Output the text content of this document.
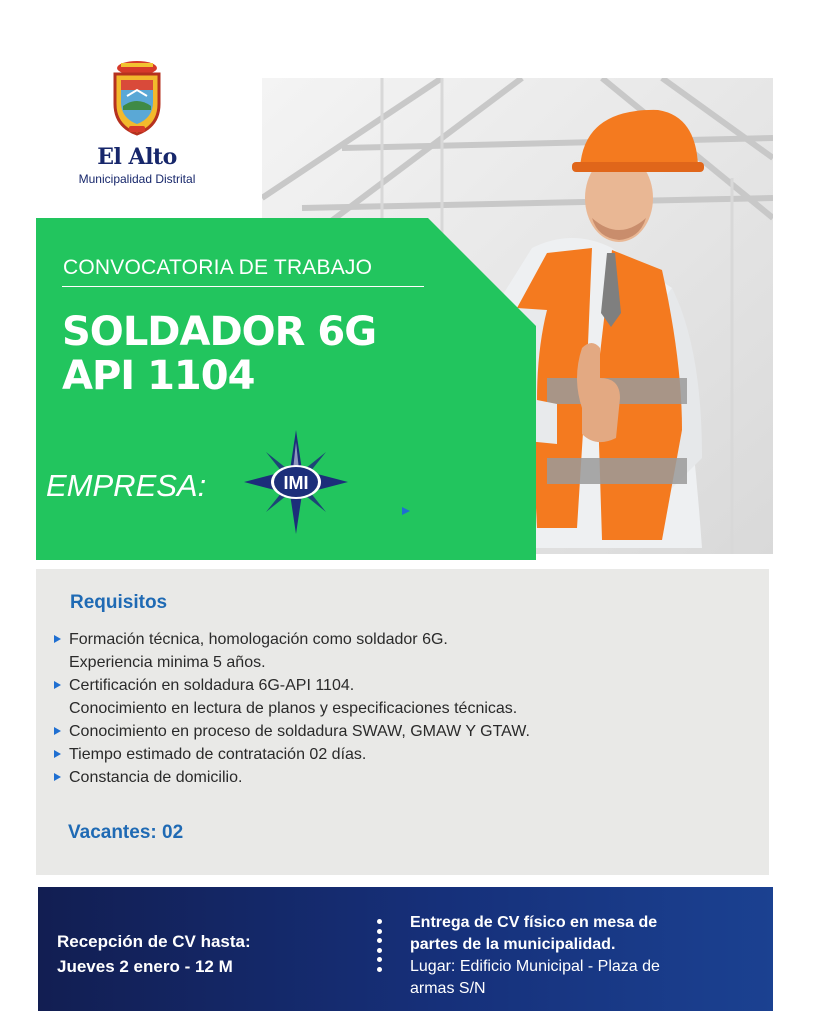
El Alto
Municipalidad Distrital
CONVOCATORIA DE TRABAJO
SOLDADOR 6G
API 1104
EMPRESA:	IMI
Requisitos
Formación técnica, homologación como soldador 6G.
Experiencia minima 5 años.
Certificación en soldadura 6G-API 1104.
Conocimiento en lectura de planos y especificaciones técnicas.
Conocimiento en proceso de soldadura SWAW, GMAW Y GTAW.
Tiempo estimado de contratación 02 días.
Constancia de domicilio.
Vacantes: 02
Recepción de CV hasta:
Jueves 2 enero - 12 M
Entrega de CV físico en mesa de
partes de la municipalidad.
Lugar: Edificio Municipal - Plaza de
armas S/N
